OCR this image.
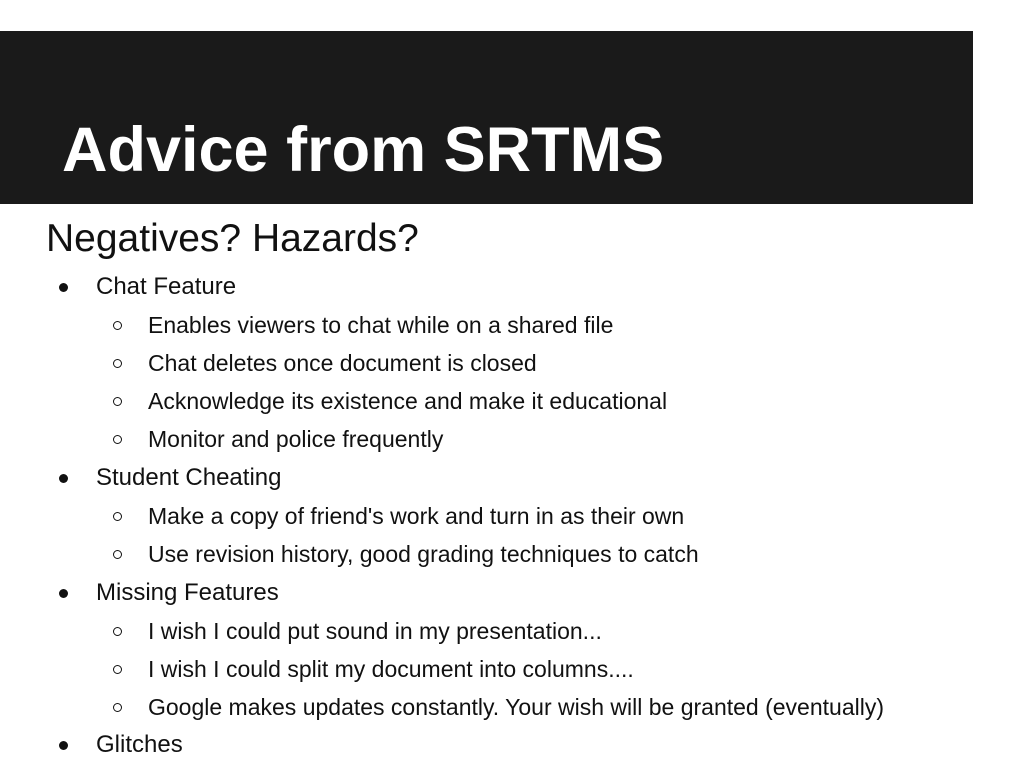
Advice from SRTMS
Negatives? Hazards?
Chat Feature
Enables viewers to chat while on a shared file
Chat deletes once document is closed
Acknowledge its existence and make it educational
Monitor and police frequently
Student Cheating
Make a copy of friend's work and turn in as their own
Use revision history, good grading techniques to catch
Missing Features
I wish I could put sound in my presentation...
I wish I could split my document into columns....
Google makes updates constantly. Your wish will be granted (eventually)
Glitches
